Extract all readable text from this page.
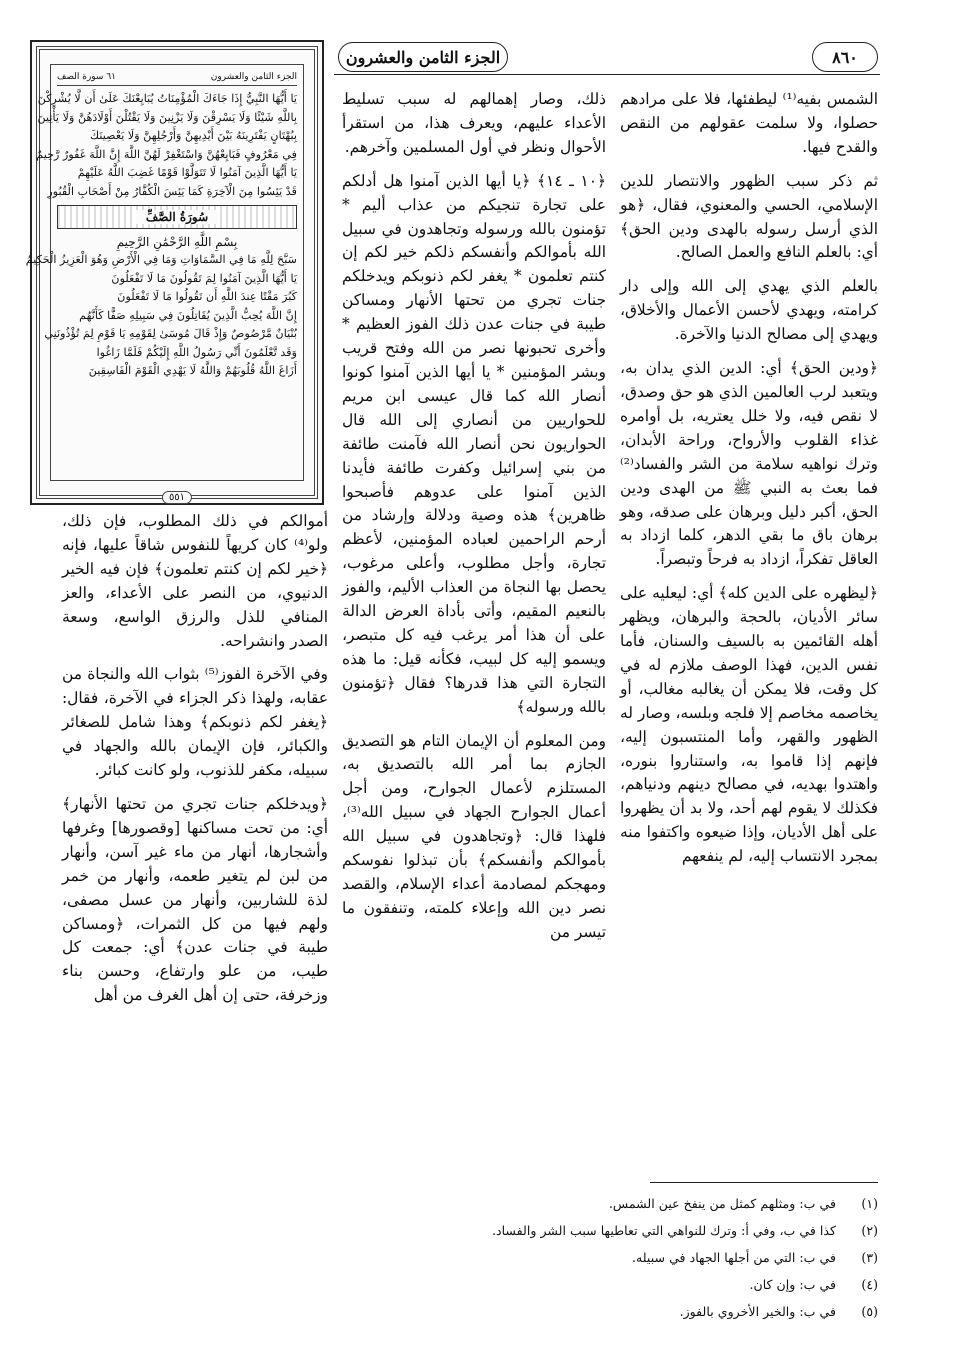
٨٦٠
الجزء الثامن والعشرون
الجزء الثامن والعشرون
٦١ سورة الصف
يَا أَيُّهَا النَّبِيُّ إِذَا جَاءَكَ الْمُؤْمِنَاتُ يُبَايِعْنَكَ عَلَىٰ أَن لَّا يُشْرِكْنَ
بِاللَّهِ شَيْئًا وَلَا يَسْرِقْنَ وَلَا يَزْنِينَ وَلَا يَقْتُلْنَ أَوْلَادَهُنَّ وَلَا يَأْتِينَ
بِبُهْتَانٍ يَفْتَرِينَهُ بَيْنَ أَيْدِيهِنَّ وَأَرْجُلِهِنَّ وَلَا يَعْصِينَكَ
فِي مَعْرُوفٍ فَبَايِعْهُنَّ وَاسْتَغْفِرْ لَهُنَّ اللَّهَ إِنَّ اللَّهَ غَفُورٌ رَّحِيمٌ
يَا أَيُّهَا الَّذِينَ آمَنُوا لَا تَتَوَلَّوْا قَوْمًا غَضِبَ اللَّهُ عَلَيْهِمْ
قَدْ يَئِسُوا مِنَ الْآخِرَةِ كَمَا يَئِسَ الْكُفَّارُ مِنْ أَصْحَابِ الْقُبُورِ
سُورَةُ الصَّفِّ
بِسْمِ اللَّهِ الرَّحْمَٰنِ الرَّحِيمِ
سَبَّحَ لِلَّهِ مَا فِي السَّمَاوَاتِ وَمَا فِي الْأَرْضِ وَهُوَ الْعَزِيزُ الْحَكِيمُ
يَا أَيُّهَا الَّذِينَ آمَنُوا لِمَ تَقُولُونَ مَا لَا تَفْعَلُونَ
كَبُرَ مَقْتًا عِندَ اللَّهِ أَن تَقُولُوا مَا لَا تَفْعَلُونَ
إِنَّ اللَّهَ يُحِبُّ الَّذِينَ يُقَاتِلُونَ فِي سَبِيلِهِ صَفًّا كَأَنَّهُم
بُنْيَانٌ مَّرْصُوصٌ وَإِذْ قَالَ مُوسَىٰ لِقَوْمِهِ يَا قَوْمِ لِمَ تُؤْذُونَنِي
وَقَد تَّعْلَمُونَ أَنِّي رَسُولُ اللَّهِ إِلَيْكُمْ فَلَمَّا زَاغُوا
أَزَاغَ اللَّهُ قُلُوبَهُمْ وَاللَّهُ لَا يَهْدِي الْقَوْمَ الْفَاسِقِينَ
٥٥١

الشمس بفيه⁽¹⁾ ليطفئها، فلا على مرادهم حصلوا، ولا سلمت عقولهم من النقص والقدح فيها.

ثم ذكر سبب الظهور والانتصار للدين الإسلامي، الحسي والمعنوي، فقال، ﴿هو الذي أرسل رسوله بالهدى ودين الحق﴾ أي: بالعلم النافع والعمل الصالح.

بالعلم الذي يهدي إلى الله وإلى دار كرامته، ويهدي لأحسن الأعمال والأخلاق، ويهدي إلى مصالح الدنيا والآخرة.

﴿ودين الحق﴾ أي: الدين الذي يدان به، ويتعبد لرب العالمين الذي هو حق وصدق، لا نقص فيه، ولا خلل يعتريه، بل أوامره غذاء القلوب والأرواح، وراحة الأبدان، وترك نواهيه سلامة من الشر والفساد⁽²⁾ فما بعث به النبي ﷺ من الهدى ودين الحق، أكبر دليل وبرهان على صدقه، وهو برهان باق ما بقي الدهر، كلما ازداد به العاقل تفكراً، ازداد به فرحاً وتبصراً.

﴿ليظهره على الدين كله﴾ أي: ليعليه على سائر الأديان، بالحجة والبرهان، ويظهر أهله القائمين به بالسيف والسنان، فأما نفس الدين، فهذا الوصف ملازم له في كل وقت، فلا يمكن أن يغالبه مغالب، أو يخاصمه مخاصم إلا فلجه وبلسه، وصار له الظهور والقهر، وأما المنتسبون إليه، فإنهم إذا قاموا به، واستناروا بنوره، واهتدوا بهديه، في مصالح دينهم ودنياهم، فكذلك لا يقوم لهم أحد، ولا بد أن يظهروا على أهل الأديان، وإذا ضيعوه واكتفوا منه بمجرد الانتساب إليه، لم ينفعهم

ذلك، وصار إهمالهم له سبب تسليط الأعداء عليهم، ويعرف هذا، من استقرأ الأحوال ونظر في أول المسلمين وآخرهم.

﴿١٠ ـ ١٤﴾ ﴿يا أيها الذين آمنوا هل أدلكم على تجارة تنجيكم من عذاب أليم * تؤمنون بالله ورسوله وتجاهدون في سبيل الله بأموالكم وأنفسكم ذلكم خير لكم إن كنتم تعلمون * يغفر لكم ذنوبكم ويدخلكم جنات تجري من تحتها الأنهار ومساكن طيبة في جنات عدن ذلك الفوز العظيم * وأخرى تحبونها نصر من الله وفتح قريب وبشر المؤمنين * يا أيها الذين آمنوا كونوا أنصار الله كما قال عيسى ابن مريم للحواريين من أنصاري إلى الله قال الحواريون نحن أنصار الله فآمنت طائفة من بني إسرائيل وكفرت طائفة فأيدنا الذين آمنوا على عدوهم فأصبحوا ظاهرين﴾ هذه وصية ودلالة وإرشاد من أرحم الراحمين لعباده المؤمنين، لأعظم تجارة، وأجل مطلوب، وأعلى مرغوب، يحصل بها النجاة من العذاب الأليم، والفوز بالنعيم المقيم، وأتى بأداة العرض الدالة على أن هذا أمر يرغب فيه كل متبصر، ويسمو إليه كل لبيب، فكأنه قيل: ما هذه التجارة التي هذا قدرها؟ فقال ﴿تؤمنون بالله ورسوله﴾

ومن المعلوم أن الإيمان التام هو التصديق الجازم بما أمر الله بالتصديق به، المستلزم لأعمال الجوارح، ومن أجل أعمال الجوارح الجهاد في سبيل الله⁽³⁾، فلهذا قال: ﴿وتجاهدون في سبيل الله بأموالكم وأنفسكم﴾ بأن تبذلوا نفوسكم ومهجكم لمصادمة أعداء الإسلام، والقصد نصر دين الله وإعلاء كلمته، وتنفقون ما تيسر من

أموالكم في ذلك المطلوب، فإن ذلك، ولو⁽⁴⁾ كان كريهاً للنفوس شاقاً عليها، فإنه ﴿خير لكم إن كنتم تعلمون﴾ فإن فيه الخير الدنيوي، من النصر على الأعداء، والعز المنافي للذل والرزق الواسع، وسعة الصدر وانشراحه.

وفي الآخرة الفوز⁽⁵⁾ بثواب الله والنجاة من عقابه، ولهذا ذكر الجزاء في الآخرة، فقال: ﴿يغفر لكم ذنوبكم﴾ وهذا شامل للصغائر والكبائر، فإن الإيمان بالله والجهاد في سبيله، مكفر للذنوب، ولو كانت كبائر.

﴿ويدخلكم جنات تجري من تحتها الأنهار﴾ أي: من تحت مساكنها [وقصورها] وغرفها وأشجارها، أنهار من ماء غير آسن، وأنهار من لبن لم يتغير طعمه، وأنهار من خمر لذة للشاربين، وأنهار من عسل مصفى، ولهم فيها من كل الثمرات، ﴿ومساكن طيبة في جنات عدن﴾ أي: جمعت كل طيب، من علو وارتفاع، وحسن بناء وزخرفة، حتى إن أهل الغرف من أهل

(١)
في ب: ومثلهم كمثل من ينفخ عين الشمس.
(٢)
كذا في ب، وفي أ: وترك للنواهي التي تعاطيها سبب الشر والفساد.
(٣)
في ب: التي من أجلها الجهاد في سبيله.
(٤)
في ب: وإن كان.
(٥)
في ب: والخير الأخروي بالفوز.
